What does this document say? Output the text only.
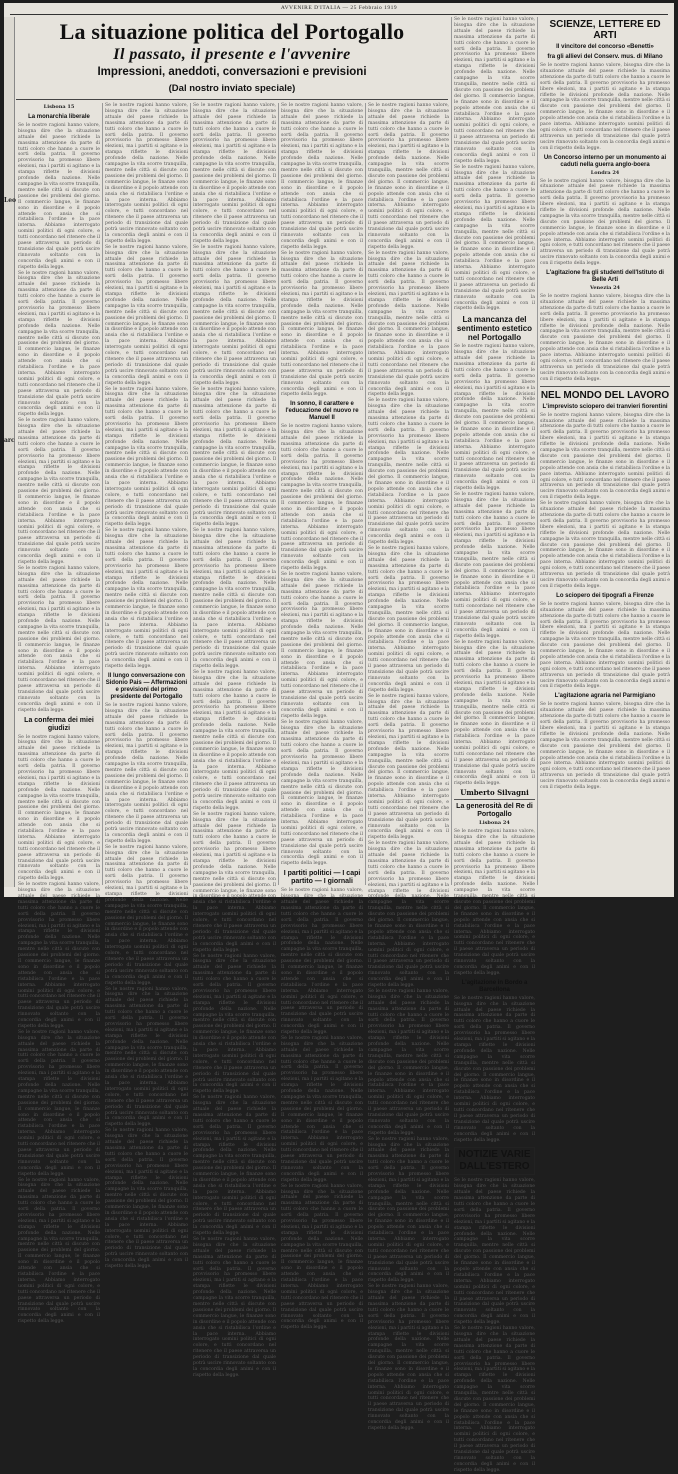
AVVENIRE D'ITALIA — 25 Febbraio 1919
Leo
arc
La situazione politica del Portogallo
Il passato, il presente e l'avvenire
Impressioni, aneddoti, conversazioni e previsioni
(Dal nostro inviato speciale)
Lisbona 15
La monarchia liberale
Se le nostre ragioni hanno valore, bisogna dire che la situazione attuale del paese richiede la massima attenzione da parte di tutti coloro che hanno a cuore le sorti della patria. Il governo provvisorio ha promesso libere elezioni, ma i partiti si agitano e la stampa riflette le divisioni profonde della nazione. Nelle campagne la vita scorre tranquilla, mentre nelle città si discute con passione dei problemi del giorno. Il commercio langue, le finanze sono in disordine e il popolo attende con ansia che si ristabilisca l'ordine e la pace interna. Abbiamo interrogato uomini politici di ogni colore, e tutti concordano nel ritenere che il paese attraversa un periodo di transizione dal quale potrà uscire rinnovato soltanto con la concordia degli animi e con il rispetto della legge.
Se le nostre ragioni hanno valore, bisogna dire che la situazione attuale del paese richiede la massima attenzione da parte di tutti coloro che hanno a cuore le sorti della patria. Il governo provvisorio ha promesso libere elezioni, ma i partiti si agitano e la stampa riflette le divisioni profonde della nazione. Nelle campagne la vita scorre tranquilla, mentre nelle città si discute con passione dei problemi del giorno. Il commercio langue, le finanze sono in disordine e il popolo attende con ansia che si ristabilisca l'ordine e la pace interna. Abbiamo interrogato uomini politici di ogni colore, e tutti concordano nel ritenere che il paese attraversa un periodo di transizione dal quale potrà uscire rinnovato soltanto con la concordia degli animi e con il rispetto della legge.
Se le nostre ragioni hanno valore, bisogna dire che la situazione attuale del paese richiede la massima attenzione da parte di tutti coloro che hanno a cuore le sorti della patria. Il governo provvisorio ha promesso libere elezioni, ma i partiti si agitano e la stampa riflette le divisioni profonde della nazione. Nelle campagne la vita scorre tranquilla, mentre nelle città si discute con passione dei problemi del giorno. Il commercio langue, le finanze sono in disordine e il popolo attende con ansia che si ristabilisca l'ordine e la pace interna. Abbiamo interrogato uomini politici di ogni colore, e tutti concordano nel ritenere che il paese attraversa un periodo di transizione dal quale potrà uscire rinnovato soltanto con la concordia degli animi e con il rispetto della legge.
Se le nostre ragioni hanno valore, bisogna dire che la situazione attuale del paese richiede la massima attenzione da parte di tutti coloro che hanno a cuore le sorti della patria. Il governo provvisorio ha promesso libere elezioni, ma i partiti si agitano e la stampa riflette le divisioni profonde della nazione. Nelle campagne la vita scorre tranquilla, mentre nelle città si discute con passione dei problemi del giorno. Il commercio langue, le finanze sono in disordine e il popolo attende con ansia che si ristabilisca l'ordine e la pace interna. Abbiamo interrogato uomini politici di ogni colore, e tutti concordano nel ritenere che il paese attraversa un periodo di transizione dal quale potrà uscire rinnovato soltanto con la concordia degli animi e con il rispetto della legge.
La conferma dei miei giudizi
Se le nostre ragioni hanno valore, bisogna dire che la situazione attuale del paese richiede la massima attenzione da parte di tutti coloro che hanno a cuore le sorti della patria. Il governo provvisorio ha promesso libere elezioni, ma i partiti si agitano e la stampa riflette le divisioni profonde della nazione. Nelle campagne la vita scorre tranquilla, mentre nelle città si discute con passione dei problemi del giorno. Il commercio langue, le finanze sono in disordine e il popolo attende con ansia che si ristabilisca l'ordine e la pace interna. Abbiamo interrogato uomini politici di ogni colore, e tutti concordano nel ritenere che il paese attraversa un periodo di transizione dal quale potrà uscire rinnovato soltanto con la concordia degli animi e con il rispetto della legge.
Se le nostre ragioni hanno valore, bisogna dire che la situazione attuale del paese richiede la massima attenzione da parte di tutti coloro che hanno a cuore le sorti della patria. Il governo provvisorio ha promesso libere elezioni, ma i partiti si agitano e la stampa riflette le divisioni profonde della nazione. Nelle campagne la vita scorre tranquilla, mentre nelle città si discute con passione dei problemi del giorno. Il commercio langue, le finanze sono in disordine e il popolo attende con ansia che si ristabilisca l'ordine e la pace interna. Abbiamo interrogato uomini politici di ogni colore, e tutti concordano nel ritenere che il paese attraversa un periodo di transizione dal quale potrà uscire rinnovato soltanto con la concordia degli animi e con il rispetto della legge.
Se le nostre ragioni hanno valore, bisogna dire che la situazione attuale del paese richiede la massima attenzione da parte di tutti coloro che hanno a cuore le sorti della patria. Il governo provvisorio ha promesso libere elezioni, ma i partiti si agitano e la stampa riflette le divisioni profonde della nazione. Nelle campagne la vita scorre tranquilla, mentre nelle città si discute con passione dei problemi del giorno. Il commercio langue, le finanze sono in disordine e il popolo attende con ansia che si ristabilisca l'ordine e la pace interna. Abbiamo interrogato uomini politici di ogni colore, e tutti concordano nel ritenere che il paese attraversa un periodo di transizione dal quale potrà uscire rinnovato soltanto con la concordia degli animi e con il rispetto della legge.
Se le nostre ragioni hanno valore, bisogna dire che la situazione attuale del paese richiede la massima attenzione da parte di tutti coloro che hanno a cuore le sorti della patria. Il governo provvisorio ha promesso libere elezioni, ma i partiti si agitano e la stampa riflette le divisioni profonde della nazione. Nelle campagne la vita scorre tranquilla, mentre nelle città si discute con passione dei problemi del giorno. Il commercio langue, le finanze sono in disordine e il popolo attende con ansia che si ristabilisca l'ordine e la pace interna. Abbiamo interrogato uomini politici di ogni colore, e tutti concordano nel ritenere che il paese attraversa un periodo di transizione dal quale potrà uscire rinnovato soltanto con la concordia degli animi e con il rispetto della legge.
Se le nostre ragioni hanno valore, bisogna dire che la situazione attuale del paese richiede la massima attenzione da parte di tutti coloro che hanno a cuore le sorti della patria. Il governo provvisorio ha promesso libere elezioni, ma i partiti si agitano e la stampa riflette le divisioni profonde della nazione. Nelle campagne la vita scorre tranquilla, mentre nelle città si discute con passione dei problemi del giorno. Il commercio langue, le finanze sono in disordine e il popolo attende con ansia che si ristabilisca l'ordine e la pace interna. Abbiamo interrogato uomini politici di ogni colore, e tutti concordano nel ritenere che il paese attraversa un periodo di transizione dal quale potrà uscire rinnovato soltanto con la concordia degli animi e con il rispetto della legge.
Se le nostre ragioni hanno valore, bisogna dire che la situazione attuale del paese richiede la massima attenzione da parte di tutti coloro che hanno a cuore le sorti della patria. Il governo provvisorio ha promesso libere elezioni, ma i partiti si agitano e la stampa riflette le divisioni profonde della nazione. Nelle campagne la vita scorre tranquilla, mentre nelle città si discute con passione dei problemi del giorno. Il commercio langue, le finanze sono in disordine e il popolo attende con ansia che si ristabilisca l'ordine e la pace interna. Abbiamo interrogato uomini politici di ogni colore, e tutti concordano nel ritenere che il paese attraversa un periodo di transizione dal quale potrà uscire rinnovato soltanto con la concordia degli animi e con il rispetto della legge.
Se le nostre ragioni hanno valore, bisogna dire che la situazione attuale del paese richiede la massima attenzione da parte di tutti coloro che hanno a cuore le sorti della patria. Il governo provvisorio ha promesso libere elezioni, ma i partiti si agitano e la stampa riflette le divisioni profonde della nazione. Nelle campagne la vita scorre tranquilla, mentre nelle città si discute con passione dei problemi del giorno. Il commercio langue, le finanze sono in disordine e il popolo attende con ansia che si ristabilisca l'ordine e la pace interna. Abbiamo interrogato uomini politici di ogni colore, e tutti concordano nel ritenere che il paese attraversa un periodo di transizione dal quale potrà uscire rinnovato soltanto con la concordia degli animi e con il rispetto della legge.
Se le nostre ragioni hanno valore, bisogna dire che la situazione attuale del paese richiede la massima attenzione da parte di tutti coloro che hanno a cuore le sorti della patria. Il governo provvisorio ha promesso libere elezioni, ma i partiti si agitano e la stampa riflette le divisioni profonde della nazione. Nelle campagne la vita scorre tranquilla, mentre nelle città si discute con passione dei problemi del giorno. Il commercio langue, le finanze sono in disordine e il popolo attende con ansia che si ristabilisca l'ordine e la pace interna. Abbiamo interrogato uomini politici di ogni colore, e tutti concordano nel ritenere che il paese attraversa un periodo di transizione dal quale potrà uscire rinnovato soltanto con la concordia degli animi e con il rispetto della legge.
Il lungo conversazione con Sidonio Pais — Affermazioni e previsioni del primo presidente del Portogallo
Se le nostre ragioni hanno valore, bisogna dire che la situazione attuale del paese richiede la massima attenzione da parte di tutti coloro che hanno a cuore le sorti della patria. Il governo provvisorio ha promesso libere elezioni, ma i partiti si agitano e la stampa riflette le divisioni profonde della nazione. Nelle campagne la vita scorre tranquilla, mentre nelle città si discute con passione dei problemi del giorno. Il commercio langue, le finanze sono in disordine e il popolo attende con ansia che si ristabilisca l'ordine e la pace interna. Abbiamo interrogato uomini politici di ogni colore, e tutti concordano nel ritenere che il paese attraversa un periodo di transizione dal quale potrà uscire rinnovato soltanto con la concordia degli animi e con il rispetto della legge.
Se le nostre ragioni hanno valore, bisogna dire che la situazione attuale del paese richiede la massima attenzione da parte di tutti coloro che hanno a cuore le sorti della patria. Il governo provvisorio ha promesso libere elezioni, ma i partiti si agitano e la stampa riflette le divisioni profonde della nazione. Nelle campagne la vita scorre tranquilla, mentre nelle città si discute con passione dei problemi del giorno. Il commercio langue, le finanze sono in disordine e il popolo attende con ansia che si ristabilisca l'ordine e la pace interna. Abbiamo interrogato uomini politici di ogni colore, e tutti concordano nel ritenere che il paese attraversa un periodo di transizione dal quale potrà uscire rinnovato soltanto con la concordia degli animi e con il rispetto della legge.
Se le nostre ragioni hanno valore, bisogna dire che la situazione attuale del paese richiede la massima attenzione da parte di tutti coloro che hanno a cuore le sorti della patria. Il governo provvisorio ha promesso libere elezioni, ma i partiti si agitano e la stampa riflette le divisioni profonde della nazione. Nelle campagne la vita scorre tranquilla, mentre nelle città si discute con passione dei problemi del giorno. Il commercio langue, le finanze sono in disordine e il popolo attende con ansia che si ristabilisca l'ordine e la pace interna. Abbiamo interrogato uomini politici di ogni colore, e tutti concordano nel ritenere che il paese attraversa un periodo di transizione dal quale potrà uscire rinnovato soltanto con la concordia degli animi e con il rispetto della legge.
Se le nostre ragioni hanno valore, bisogna dire che la situazione attuale del paese richiede la massima attenzione da parte di tutti coloro che hanno a cuore le sorti della patria. Il governo provvisorio ha promesso libere elezioni, ma i partiti si agitano e la stampa riflette le divisioni profonde della nazione. Nelle campagne la vita scorre tranquilla, mentre nelle città si discute con passione dei problemi del giorno. Il commercio langue, le finanze sono in disordine e il popolo attende con ansia che si ristabilisca l'ordine e la pace interna. Abbiamo interrogato uomini politici di ogni colore, e tutti concordano nel ritenere che il paese attraversa un periodo di transizione dal quale potrà uscire rinnovato soltanto con la concordia degli animi e con il rispetto della legge.
Se le nostre ragioni hanno valore, bisogna dire che la situazione attuale del paese richiede la massima attenzione da parte di tutti coloro che hanno a cuore le sorti della patria. Il governo provvisorio ha promesso libere elezioni, ma i partiti si agitano e la stampa riflette le divisioni profonde della nazione. Nelle campagne la vita scorre tranquilla, mentre nelle città si discute con passione dei problemi del giorno. Il commercio langue, le finanze sono in disordine e il popolo attende con ansia che si ristabilisca l'ordine e la pace interna. Abbiamo interrogato uomini politici di ogni colore, e tutti concordano nel ritenere che il paese attraversa un periodo di transizione dal quale potrà uscire rinnovato soltanto con la concordia degli animi e con il rispetto della legge.
Se le nostre ragioni hanno valore, bisogna dire che la situazione attuale del paese richiede la massima attenzione da parte di tutti coloro che hanno a cuore le sorti della patria. Il governo provvisorio ha promesso libere elezioni, ma i partiti si agitano e la stampa riflette le divisioni profonde della nazione. Nelle campagne la vita scorre tranquilla, mentre nelle città si discute con passione dei problemi del giorno. Il commercio langue, le finanze sono in disordine e il popolo attende con ansia che si ristabilisca l'ordine e la pace interna. Abbiamo interrogato uomini politici di ogni colore, e tutti concordano nel ritenere che il paese attraversa un periodo di transizione dal quale potrà uscire rinnovato soltanto con la concordia degli animi e con il rispetto della legge.
Se le nostre ragioni hanno valore, bisogna dire che la situazione attuale del paese richiede la massima attenzione da parte di tutti coloro che hanno a cuore le sorti della patria. Il governo provvisorio ha promesso libere elezioni, ma i partiti si agitano e la stampa riflette le divisioni profonde della nazione. Nelle campagne la vita scorre tranquilla, mentre nelle città si discute con passione dei problemi del giorno. Il commercio langue, le finanze sono in disordine e il popolo attende con ansia che si ristabilisca l'ordine e la pace interna. Abbiamo interrogato uomini politici di ogni colore, e tutti concordano nel ritenere che il paese attraversa un periodo di transizione dal quale potrà uscire rinnovato soltanto con la concordia degli animi e con il rispetto della legge.
Se le nostre ragioni hanno valore, bisogna dire che la situazione attuale del paese richiede la massima attenzione da parte di tutti coloro che hanno a cuore le sorti della patria. Il governo provvisorio ha promesso libere elezioni, ma i partiti si agitano e la stampa riflette le divisioni profonde della nazione. Nelle campagne la vita scorre tranquilla, mentre nelle città si discute con passione dei problemi del giorno. Il commercio langue, le finanze sono in disordine e il popolo attende con ansia che si ristabilisca l'ordine e la pace interna. Abbiamo interrogato uomini politici di ogni colore, e tutti concordano nel ritenere che il paese attraversa un periodo di transizione dal quale potrà uscire rinnovato soltanto con la concordia degli animi e con il rispetto della legge.
Se le nostre ragioni hanno valore, bisogna dire che la situazione attuale del paese richiede la massima attenzione da parte di tutti coloro che hanno a cuore le sorti della patria. Il governo provvisorio ha promesso libere elezioni, ma i partiti si agitano e la stampa riflette le divisioni profonde della nazione. Nelle campagne la vita scorre tranquilla, mentre nelle città si discute con passione dei problemi del giorno. Il commercio langue, le finanze sono in disordine e il popolo attende con ansia che si ristabilisca l'ordine e la pace interna. Abbiamo interrogato uomini politici di ogni colore, e tutti concordano nel ritenere che il paese attraversa un periodo di transizione dal quale potrà uscire rinnovato soltanto con la concordia degli animi e con il rispetto della legge.
Se le nostre ragioni hanno valore, bisogna dire che la situazione attuale del paese richiede la massima attenzione da parte di tutti coloro che hanno a cuore le sorti della patria. Il governo provvisorio ha promesso libere elezioni, ma i partiti si agitano e la stampa riflette le divisioni profonde della nazione. Nelle campagne la vita scorre tranquilla, mentre nelle città si discute con passione dei problemi del giorno. Il commercio langue, le finanze sono in disordine e il popolo attende con ansia che si ristabilisca l'ordine e la pace interna. Abbiamo interrogato uomini politici di ogni colore, e tutti concordano nel ritenere che il paese attraversa un periodo di transizione dal quale potrà uscire rinnovato soltanto con la concordia degli animi e con il rispetto della legge.
Se le nostre ragioni hanno valore, bisogna dire che la situazione attuale del paese richiede la massima attenzione da parte di tutti coloro che hanno a cuore le sorti della patria. Il governo provvisorio ha promesso libere elezioni, ma i partiti si agitano e la stampa riflette le divisioni profonde della nazione. Nelle campagne la vita scorre tranquilla, mentre nelle città si discute con passione dei problemi del giorno. Il commercio langue, le finanze sono in disordine e il popolo attende con ansia che si ristabilisca l'ordine e la pace interna. Abbiamo interrogato uomini politici di ogni colore, e tutti concordano nel ritenere che il paese attraversa un periodo di transizione dal quale potrà uscire rinnovato soltanto con la concordia degli animi e con il rispetto della legge.
Se le nostre ragioni hanno valore, bisogna dire che la situazione attuale del paese richiede la massima attenzione da parte di tutti coloro che hanno a cuore le sorti della patria. Il governo provvisorio ha promesso libere elezioni, ma i partiti si agitano e la stampa riflette le divisioni profonde della nazione. Nelle campagne la vita scorre tranquilla, mentre nelle città si discute con passione dei problemi del giorno. Il commercio langue, le finanze sono in disordine e il popolo attende con ansia che si ristabilisca l'ordine e la pace interna. Abbiamo interrogato uomini politici di ogni colore, e tutti concordano nel ritenere che il paese attraversa un periodo di transizione dal quale potrà uscire rinnovato soltanto con la concordia degli animi e con il rispetto della legge.
Se le nostre ragioni hanno valore, bisogna dire che la situazione attuale del paese richiede la massima attenzione da parte di tutti coloro che hanno a cuore le sorti della patria. Il governo provvisorio ha promesso libere elezioni, ma i partiti si agitano e la stampa riflette le divisioni profonde della nazione. Nelle campagne la vita scorre tranquilla, mentre nelle città si discute con passione dei problemi del giorno. Il commercio langue, le finanze sono in disordine e il popolo attende con ansia che si ristabilisca l'ordine e la pace interna. Abbiamo interrogato uomini politici di ogni colore, e tutti concordano nel ritenere che il paese attraversa un periodo di transizione dal quale potrà uscire rinnovato soltanto con la concordia degli animi e con il rispetto della legge.
Se le nostre ragioni hanno valore, bisogna dire che la situazione attuale del paese richiede la massima attenzione da parte di tutti coloro che hanno a cuore le sorti della patria. Il governo provvisorio ha promesso libere elezioni, ma i partiti si agitano e la stampa riflette le divisioni profonde della nazione. Nelle campagne la vita scorre tranquilla, mentre nelle città si discute con passione dei problemi del giorno. Il commercio langue, le finanze sono in disordine e il popolo attende con ansia che si ristabilisca l'ordine e la pace interna. Abbiamo interrogato uomini politici di ogni colore, e tutti concordano nel ritenere che il paese attraversa un periodo di transizione dal quale potrà uscire rinnovato soltanto con la concordia degli animi e con il rispetto della legge.
Se le nostre ragioni hanno valore, bisogna dire che la situazione attuale del paese richiede la massima attenzione da parte di tutti coloro che hanno a cuore le sorti della patria. Il governo provvisorio ha promesso libere elezioni, ma i partiti si agitano e la stampa riflette le divisioni profonde della nazione. Nelle campagne la vita scorre tranquilla, mentre nelle città si discute con passione dei problemi del giorno. Il commercio langue, le finanze sono in disordine e il popolo attende con ansia che si ristabilisca l'ordine e la pace interna. Abbiamo interrogato uomini politici di ogni colore, e tutti concordano nel ritenere che il paese attraversa un periodo di transizione dal quale potrà uscire rinnovato soltanto con la concordia degli animi e con il rispetto della legge.
In sonno, il carattere e l'educazione del nuovo re Manuel II
Se le nostre ragioni hanno valore, bisogna dire che la situazione attuale del paese richiede la massima attenzione da parte di tutti coloro che hanno a cuore le sorti della patria. Il governo provvisorio ha promesso libere elezioni, ma i partiti si agitano e la stampa riflette le divisioni profonde della nazione. Nelle campagne la vita scorre tranquilla, mentre nelle città si discute con passione dei problemi del giorno. Il commercio langue, le finanze sono in disordine e il popolo attende con ansia che si ristabilisca l'ordine e la pace interna. Abbiamo interrogato uomini politici di ogni colore, e tutti concordano nel ritenere che il paese attraversa un periodo di transizione dal quale potrà uscire rinnovato soltanto con la concordia degli animi e con il rispetto della legge.
Se le nostre ragioni hanno valore, bisogna dire che la situazione attuale del paese richiede la massima attenzione da parte di tutti coloro che hanno a cuore le sorti della patria. Il governo provvisorio ha promesso libere elezioni, ma i partiti si agitano e la stampa riflette le divisioni profonde della nazione. Nelle campagne la vita scorre tranquilla, mentre nelle città si discute con passione dei problemi del giorno. Il commercio langue, le finanze sono in disordine e il popolo attende con ansia che si ristabilisca l'ordine e la pace interna. Abbiamo interrogato uomini politici di ogni colore, e tutti concordano nel ritenere che il paese attraversa un periodo di transizione dal quale potrà uscire rinnovato soltanto con la concordia degli animi e con il rispetto della legge.
Se le nostre ragioni hanno valore, bisogna dire che la situazione attuale del paese richiede la massima attenzione da parte di tutti coloro che hanno a cuore le sorti della patria. Il governo provvisorio ha promesso libere elezioni, ma i partiti si agitano e la stampa riflette le divisioni profonde della nazione. Nelle campagne la vita scorre tranquilla, mentre nelle città si discute con passione dei problemi del giorno. Il commercio langue, le finanze sono in disordine e il popolo attende con ansia che si ristabilisca l'ordine e la pace interna. Abbiamo interrogato uomini politici di ogni colore, e tutti concordano nel ritenere che il paese attraversa un periodo di transizione dal quale potrà uscire rinnovato soltanto con la concordia degli animi e con il rispetto della legge.
I partiti politici — I capi partito — I giornali
Se le nostre ragioni hanno valore, bisogna dire che la situazione attuale del paese richiede la massima attenzione da parte di tutti coloro che hanno a cuore le sorti della patria. Il governo provvisorio ha promesso libere elezioni, ma i partiti si agitano e la stampa riflette le divisioni profonde della nazione. Nelle campagne la vita scorre tranquilla, mentre nelle città si discute con passione dei problemi del giorno. Il commercio langue, le finanze sono in disordine e il popolo attende con ansia che si ristabilisca l'ordine e la pace interna. Abbiamo interrogato uomini politici di ogni colore, e tutti concordano nel ritenere che il paese attraversa un periodo di transizione dal quale potrà uscire rinnovato soltanto con la concordia degli animi e con il rispetto della legge.
Se le nostre ragioni hanno valore, bisogna dire che la situazione attuale del paese richiede la massima attenzione da parte di tutti coloro che hanno a cuore le sorti della patria. Il governo provvisorio ha promesso libere elezioni, ma i partiti si agitano e la stampa riflette le divisioni profonde della nazione. Nelle campagne la vita scorre tranquilla, mentre nelle città si discute con passione dei problemi del giorno. Il commercio langue, le finanze sono in disordine e il popolo attende con ansia che si ristabilisca l'ordine e la pace interna. Abbiamo interrogato uomini politici di ogni colore, e tutti concordano nel ritenere che il paese attraversa un periodo di transizione dal quale potrà uscire rinnovato soltanto con la concordia degli animi e con il rispetto della legge.
Se le nostre ragioni hanno valore, bisogna dire che la situazione attuale del paese richiede la massima attenzione da parte di tutti coloro che hanno a cuore le sorti della patria. Il governo provvisorio ha promesso libere elezioni, ma i partiti si agitano e la stampa riflette le divisioni profonde della nazione. Nelle campagne la vita scorre tranquilla, mentre nelle città si discute con passione dei problemi del giorno. Il commercio langue, le finanze sono in disordine e il popolo attende con ansia che si ristabilisca l'ordine e la pace interna. Abbiamo interrogato uomini politici di ogni colore, e tutti concordano nel ritenere che il paese attraversa un periodo di transizione dal quale potrà uscire rinnovato soltanto con la concordia degli animi e con il rispetto della legge.
Se le nostre ragioni hanno valore, bisogna dire che la situazione attuale del paese richiede la massima attenzione da parte di tutti coloro che hanno a cuore le sorti della patria. Il governo provvisorio ha promesso libere elezioni, ma i partiti si agitano e la stampa riflette le divisioni profonde della nazione. Nelle campagne la vita scorre tranquilla, mentre nelle città si discute con passione dei problemi del giorno. Il commercio langue, le finanze sono in disordine e il popolo attende con ansia che si ristabilisca l'ordine e la pace interna. Abbiamo interrogato uomini politici di ogni colore, e tutti concordano nel ritenere che il paese attraversa un periodo di transizione dal quale potrà uscire rinnovato soltanto con la concordia degli animi e con il rispetto della legge.
Se le nostre ragioni hanno valore, bisogna dire che la situazione attuale del paese richiede la massima attenzione da parte di tutti coloro che hanno a cuore le sorti della patria. Il governo provvisorio ha promesso libere elezioni, ma i partiti si agitano e la stampa riflette le divisioni profonde della nazione. Nelle campagne la vita scorre tranquilla, mentre nelle città si discute con passione dei problemi del giorno. Il commercio langue, le finanze sono in disordine e il popolo attende con ansia che si ristabilisca l'ordine e la pace interna. Abbiamo interrogato uomini politici di ogni colore, e tutti concordano nel ritenere che il paese attraversa un periodo di transizione dal quale potrà uscire rinnovato soltanto con la concordia degli animi e con il rispetto della legge.
Se le nostre ragioni hanno valore, bisogna dire che la situazione attuale del paese richiede la massima attenzione da parte di tutti coloro che hanno a cuore le sorti della patria. Il governo provvisorio ha promesso libere elezioni, ma i partiti si agitano e la stampa riflette le divisioni profonde della nazione. Nelle campagne la vita scorre tranquilla, mentre nelle città si discute con passione dei problemi del giorno. Il commercio langue, le finanze sono in disordine e il popolo attende con ansia che si ristabilisca l'ordine e la pace interna. Abbiamo interrogato uomini politici di ogni colore, e tutti concordano nel ritenere che il paese attraversa un periodo di transizione dal quale potrà uscire rinnovato soltanto con la concordia degli animi e con il rispetto della legge.
Se le nostre ragioni hanno valore, bisogna dire che la situazione attuale del paese richiede la massima attenzione da parte di tutti coloro che hanno a cuore le sorti della patria. Il governo provvisorio ha promesso libere elezioni, ma i partiti si agitano e la stampa riflette le divisioni profonde della nazione. Nelle campagne la vita scorre tranquilla, mentre nelle città si discute con passione dei problemi del giorno. Il commercio langue, le finanze sono in disordine e il popolo attende con ansia che si ristabilisca l'ordine e la pace interna. Abbiamo interrogato uomini politici di ogni colore, e tutti concordano nel ritenere che il paese attraversa un periodo di transizione dal quale potrà uscire rinnovato soltanto con la concordia degli animi e con il rispetto della legge.
Se le nostre ragioni hanno valore, bisogna dire che la situazione attuale del paese richiede la massima attenzione da parte di tutti coloro che hanno a cuore le sorti della patria. Il governo provvisorio ha promesso libere elezioni, ma i partiti si agitano e la stampa riflette le divisioni profonde della nazione. Nelle campagne la vita scorre tranquilla, mentre nelle città si discute con passione dei problemi del giorno. Il commercio langue, le finanze sono in disordine e il popolo attende con ansia che si ristabilisca l'ordine e la pace interna. Abbiamo interrogato uomini politici di ogni colore, e tutti concordano nel ritenere che il paese attraversa un periodo di transizione dal quale potrà uscire rinnovato soltanto con la concordia degli animi e con il rispetto della legge.
Se le nostre ragioni hanno valore, bisogna dire che la situazione attuale del paese richiede la massima attenzione da parte di tutti coloro che hanno a cuore le sorti della patria. Il governo provvisorio ha promesso libere elezioni, ma i partiti si agitano e la stampa riflette le divisioni profonde della nazione. Nelle campagne la vita scorre tranquilla, mentre nelle città si discute con passione dei problemi del giorno. Il commercio langue, le finanze sono in disordine e il popolo attende con ansia che si ristabilisca l'ordine e la pace interna. Abbiamo interrogato uomini politici di ogni colore, e tutti concordano nel ritenere che il paese attraversa un periodo di transizione dal quale potrà uscire rinnovato soltanto con la concordia degli animi e con il rispetto della legge.
Se le nostre ragioni hanno valore, bisogna dire che la situazione attuale del paese richiede la massima attenzione da parte di tutti coloro che hanno a cuore le sorti della patria. Il governo provvisorio ha promesso libere elezioni, ma i partiti si agitano e la stampa riflette le divisioni profonde della nazione. Nelle campagne la vita scorre tranquilla, mentre nelle città si discute con passione dei problemi del giorno. Il commercio langue, le finanze sono in disordine e il popolo attende con ansia che si ristabilisca l'ordine e la pace interna. Abbiamo interrogato uomini politici di ogni colore, e tutti concordano nel ritenere che il paese attraversa un periodo di transizione dal quale potrà uscire rinnovato soltanto con la concordia degli animi e con il rispetto della legge.
Se le nostre ragioni hanno valore, bisogna dire che la situazione attuale del paese richiede la massima attenzione da parte di tutti coloro che hanno a cuore le sorti della patria. Il governo provvisorio ha promesso libere elezioni, ma i partiti si agitano e la stampa riflette le divisioni profonde della nazione. Nelle campagne la vita scorre tranquilla, mentre nelle città si discute con passione dei problemi del giorno. Il commercio langue, le finanze sono in disordine e il popolo attende con ansia che si ristabilisca l'ordine e la pace interna. Abbiamo interrogato uomini politici di ogni colore, e tutti concordano nel ritenere che il paese attraversa un periodo di transizione dal quale potrà uscire rinnovato soltanto con la concordia degli animi e con il rispetto della legge.
Se le nostre ragioni hanno valore, bisogna dire che la situazione attuale del paese richiede la massima attenzione da parte di tutti coloro che hanno a cuore le sorti della patria. Il governo provvisorio ha promesso libere elezioni, ma i partiti si agitano e la stampa riflette le divisioni profonde della nazione. Nelle campagne la vita scorre tranquilla, mentre nelle città si discute con passione dei problemi del giorno. Il commercio langue, le finanze sono in disordine e il popolo attende con ansia che si ristabilisca l'ordine e la pace interna. Abbiamo interrogato uomini politici di ogni colore, e tutti concordano nel ritenere che il paese attraversa un periodo di transizione dal quale potrà uscire rinnovato soltanto con la concordia degli animi e con il rispetto della legge.
Se le nostre ragioni hanno valore, bisogna dire che la situazione attuale del paese richiede la massima attenzione da parte di tutti coloro che hanno a cuore le sorti della patria. Il governo provvisorio ha promesso libere elezioni, ma i partiti si agitano e la stampa riflette le divisioni profonde della nazione. Nelle campagne la vita scorre tranquilla, mentre nelle città si discute con passione dei problemi del giorno. Il commercio langue, le finanze sono in disordine e il popolo attende con ansia che si ristabilisca l'ordine e la pace interna. Abbiamo interrogato uomini politici di ogni colore, e tutti concordano nel ritenere che il paese attraversa un periodo di transizione dal quale potrà uscire rinnovato soltanto con la concordia degli animi e con il rispetto della legge.
Se le nostre ragioni hanno valore, bisogna dire che la situazione attuale del paese richiede la massima attenzione da parte di tutti coloro che hanno a cuore le sorti della patria. Il governo provvisorio ha promesso libere elezioni, ma i partiti si agitano e la stampa riflette le divisioni profonde della nazione. Nelle campagne la vita scorre tranquilla, mentre nelle città si discute con passione dei problemi del giorno. Il commercio langue, le finanze sono in disordine e il popolo attende con ansia che si ristabilisca l'ordine e la pace interna. Abbiamo interrogato uomini politici di ogni colore, e tutti concordano nel ritenere che il paese attraversa un periodo di transizione dal quale potrà uscire rinnovato soltanto con la concordia degli animi e con il rispetto della legge.
La mancanza del sentimento estetico nel Portogallo
Se le nostre ragioni hanno valore, bisogna dire che la situazione attuale del paese richiede la massima attenzione da parte di tutti coloro che hanno a cuore le sorti della patria. Il governo provvisorio ha promesso libere elezioni, ma i partiti si agitano e la stampa riflette le divisioni profonde della nazione. Nelle campagne la vita scorre tranquilla, mentre nelle città si discute con passione dei problemi del giorno. Il commercio langue, le finanze sono in disordine e il popolo attende con ansia che si ristabilisca l'ordine e la pace interna. Abbiamo interrogato uomini politici di ogni colore, e tutti concordano nel ritenere che il paese attraversa un periodo di transizione dal quale potrà uscire rinnovato soltanto con la concordia degli animi e con il rispetto della legge.
Se le nostre ragioni hanno valore, bisogna dire che la situazione attuale del paese richiede la massima attenzione da parte di tutti coloro che hanno a cuore le sorti della patria. Il governo provvisorio ha promesso libere elezioni, ma i partiti si agitano e la stampa riflette le divisioni profonde della nazione. Nelle campagne la vita scorre tranquilla, mentre nelle città si discute con passione dei problemi del giorno. Il commercio langue, le finanze sono in disordine e il popolo attende con ansia che si ristabilisca l'ordine e la pace interna. Abbiamo interrogato uomini politici di ogni colore, e tutti concordano nel ritenere che il paese attraversa un periodo di transizione dal quale potrà uscire rinnovato soltanto con la concordia degli animi e con il rispetto della legge.
Se le nostre ragioni hanno valore, bisogna dire che la situazione attuale del paese richiede la massima attenzione da parte di tutti coloro che hanno a cuore le sorti della patria. Il governo provvisorio ha promesso libere elezioni, ma i partiti si agitano e la stampa riflette le divisioni profonde della nazione. Nelle campagne la vita scorre tranquilla, mentre nelle città si discute con passione dei problemi del giorno. Il commercio langue, le finanze sono in disordine e il popolo attende con ansia che si ristabilisca l'ordine e la pace interna. Abbiamo interrogato uomini politici di ogni colore, e tutti concordano nel ritenere che il paese attraversa un periodo di transizione dal quale potrà uscire rinnovato soltanto con la concordia degli animi e con il rispetto della legge.
Umberto Silvagni
La generosità del Re di Portogallo
Lisbona 24
Se le nostre ragioni hanno valore, bisogna dire che la situazione attuale del paese richiede la massima attenzione da parte di tutti coloro che hanno a cuore le sorti della patria. Il governo provvisorio ha promesso libere elezioni, ma i partiti si agitano e la stampa riflette le divisioni profonde della nazione. Nelle campagne la vita scorre tranquilla, mentre nelle città si discute con passione dei problemi del giorno. Il commercio langue, le finanze sono in disordine e il popolo attende con ansia che si ristabilisca l'ordine e la pace interna. Abbiamo interrogato uomini politici di ogni colore, e tutti concordano nel ritenere che il paese attraversa un periodo di transizione dal quale potrà uscire rinnovato soltanto con la concordia degli animi e con il rispetto della legge.
L'agitazione in Bordo a Barcellona
Se le nostre ragioni hanno valore, bisogna dire che la situazione attuale del paese richiede la massima attenzione da parte di tutti coloro che hanno a cuore le sorti della patria. Il governo provvisorio ha promesso libere elezioni, ma i partiti si agitano e la stampa riflette le divisioni profonde della nazione. Nelle campagne la vita scorre tranquilla, mentre nelle città si discute con passione dei problemi del giorno. Il commercio langue, le finanze sono in disordine e il popolo attende con ansia che si ristabilisca l'ordine e la pace interna. Abbiamo interrogato uomini politici di ogni colore, e tutti concordano nel ritenere che il paese attraversa un periodo di transizione dal quale potrà uscire rinnovato soltanto con la concordia degli animi e con il rispetto della legge.
NOTIZIE VARIE DALL'ESTERO
Se le nostre ragioni hanno valore, bisogna dire che la situazione attuale del paese richiede la massima attenzione da parte di tutti coloro che hanno a cuore le sorti della patria. Il governo provvisorio ha promesso libere elezioni, ma i partiti si agitano e la stampa riflette le divisioni profonde della nazione. Nelle campagne la vita scorre tranquilla, mentre nelle città si discute con passione dei problemi del giorno. Il commercio langue, le finanze sono in disordine e il popolo attende con ansia che si ristabilisca l'ordine e la pace interna. Abbiamo interrogato uomini politici di ogni colore, e tutti concordano nel ritenere che il paese attraversa un periodo di transizione dal quale potrà uscire rinnovato soltanto con la concordia degli animi e con il rispetto della legge.
Se le nostre ragioni hanno valore, bisogna dire che la situazione attuale del paese richiede la massima attenzione da parte di tutti coloro che hanno a cuore le sorti della patria. Il governo provvisorio ha promesso libere elezioni, ma i partiti si agitano e la stampa riflette le divisioni profonde della nazione. Nelle campagne la vita scorre tranquilla, mentre nelle città si discute con passione dei problemi del giorno. Il commercio langue, le finanze sono in disordine e il popolo attende con ansia che si ristabilisca l'ordine e la pace interna. Abbiamo interrogato uomini politici di ogni colore, e tutti concordano nel ritenere che il paese attraversa un periodo di transizione dal quale potrà uscire rinnovato soltanto con la concordia degli animi e con il rispetto della legge.
SCIENZE, LETTERE ED ARTI
Il vincitore del concorso «Benetti»
fra gli allievi del Conserv. mus. di Milano
Se le nostre ragioni hanno valore, bisogna dire che la situazione attuale del paese richiede la massima attenzione da parte di tutti coloro che hanno a cuore le sorti della patria. Il governo provvisorio ha promesso libere elezioni, ma i partiti si agitano e la stampa riflette le divisioni profonde della nazione. Nelle campagne la vita scorre tranquilla, mentre nelle città si discute con passione dei problemi del giorno. Il commercio langue, le finanze sono in disordine e il popolo attende con ansia che si ristabilisca l'ordine e la pace interna. Abbiamo interrogato uomini politici di ogni colore, e tutti concordano nel ritenere che il paese attraversa un periodo di transizione dal quale potrà uscire rinnovato soltanto con la concordia degli animi e con il rispetto della legge.
Un Concorso interno per un monumento ai caduti nella guerra anglo-boera
Londra 24
Se le nostre ragioni hanno valore, bisogna dire che la situazione attuale del paese richiede la massima attenzione da parte di tutti coloro che hanno a cuore le sorti della patria. Il governo provvisorio ha promesso libere elezioni, ma i partiti si agitano e la stampa riflette le divisioni profonde della nazione. Nelle campagne la vita scorre tranquilla, mentre nelle città si discute con passione dei problemi del giorno. Il commercio langue, le finanze sono in disordine e il popolo attende con ansia che si ristabilisca l'ordine e la pace interna. Abbiamo interrogato uomini politici di ogni colore, e tutti concordano nel ritenere che il paese attraversa un periodo di transizione dal quale potrà uscire rinnovato soltanto con la concordia degli animi e con il rispetto della legge.
L'agitazione fra gli studenti dell'Istituto di Belle Arti
Venezia 24
Se le nostre ragioni hanno valore, bisogna dire che la situazione attuale del paese richiede la massima attenzione da parte di tutti coloro che hanno a cuore le sorti della patria. Il governo provvisorio ha promesso libere elezioni, ma i partiti si agitano e la stampa riflette le divisioni profonde della nazione. Nelle campagne la vita scorre tranquilla, mentre nelle città si discute con passione dei problemi del giorno. Il commercio langue, le finanze sono in disordine e il popolo attende con ansia che si ristabilisca l'ordine e la pace interna. Abbiamo interrogato uomini politici di ogni colore, e tutti concordano nel ritenere che il paese attraversa un periodo di transizione dal quale potrà uscire rinnovato soltanto con la concordia degli animi e con il rispetto della legge.
NEL MONDO DEL LAVORO
L'imprevisto sciopero dei tranvieri fiorentini
Se le nostre ragioni hanno valore, bisogna dire che la situazione attuale del paese richiede la massima attenzione da parte di tutti coloro che hanno a cuore le sorti della patria. Il governo provvisorio ha promesso libere elezioni, ma i partiti si agitano e la stampa riflette le divisioni profonde della nazione. Nelle campagne la vita scorre tranquilla, mentre nelle città si discute con passione dei problemi del giorno. Il commercio langue, le finanze sono in disordine e il popolo attende con ansia che si ristabilisca l'ordine e la pace interna. Abbiamo interrogato uomini politici di ogni colore, e tutti concordano nel ritenere che il paese attraversa un periodo di transizione dal quale potrà uscire rinnovato soltanto con la concordia degli animi e con il rispetto della legge.
Se le nostre ragioni hanno valore, bisogna dire che la situazione attuale del paese richiede la massima attenzione da parte di tutti coloro che hanno a cuore le sorti della patria. Il governo provvisorio ha promesso libere elezioni, ma i partiti si agitano e la stampa riflette le divisioni profonde della nazione. Nelle campagne la vita scorre tranquilla, mentre nelle città si discute con passione dei problemi del giorno. Il commercio langue, le finanze sono in disordine e il popolo attende con ansia che si ristabilisca l'ordine e la pace interna. Abbiamo interrogato uomini politici di ogni colore, e tutti concordano nel ritenere che il paese attraversa un periodo di transizione dal quale potrà uscire rinnovato soltanto con la concordia degli animi e con il rispetto della legge.
Lo sciopero dei tipografi a Firenze
Se le nostre ragioni hanno valore, bisogna dire che la situazione attuale del paese richiede la massima attenzione da parte di tutti coloro che hanno a cuore le sorti della patria. Il governo provvisorio ha promesso libere elezioni, ma i partiti si agitano e la stampa riflette le divisioni profonde della nazione. Nelle campagne la vita scorre tranquilla, mentre nelle città si discute con passione dei problemi del giorno. Il commercio langue, le finanze sono in disordine e il popolo attende con ansia che si ristabilisca l'ordine e la pace interna. Abbiamo interrogato uomini politici di ogni colore, e tutti concordano nel ritenere che il paese attraversa un periodo di transizione dal quale potrà uscire rinnovato soltanto con la concordia degli animi e con il rispetto della legge.
L'agitazione agraria nel Parmigiano
Se le nostre ragioni hanno valore, bisogna dire che la situazione attuale del paese richiede la massima attenzione da parte di tutti coloro che hanno a cuore le sorti della patria. Il governo provvisorio ha promesso libere elezioni, ma i partiti si agitano e la stampa riflette le divisioni profonde della nazione. Nelle campagne la vita scorre tranquilla, mentre nelle città si discute con passione dei problemi del giorno. Il commercio langue, le finanze sono in disordine e il popolo attende con ansia che si ristabilisca l'ordine e la pace interna. Abbiamo interrogato uomini politici di ogni colore, e tutti concordano nel ritenere che il paese attraversa un periodo di transizione dal quale potrà uscire rinnovato soltanto con la concordia degli animi e con il rispetto della legge.
